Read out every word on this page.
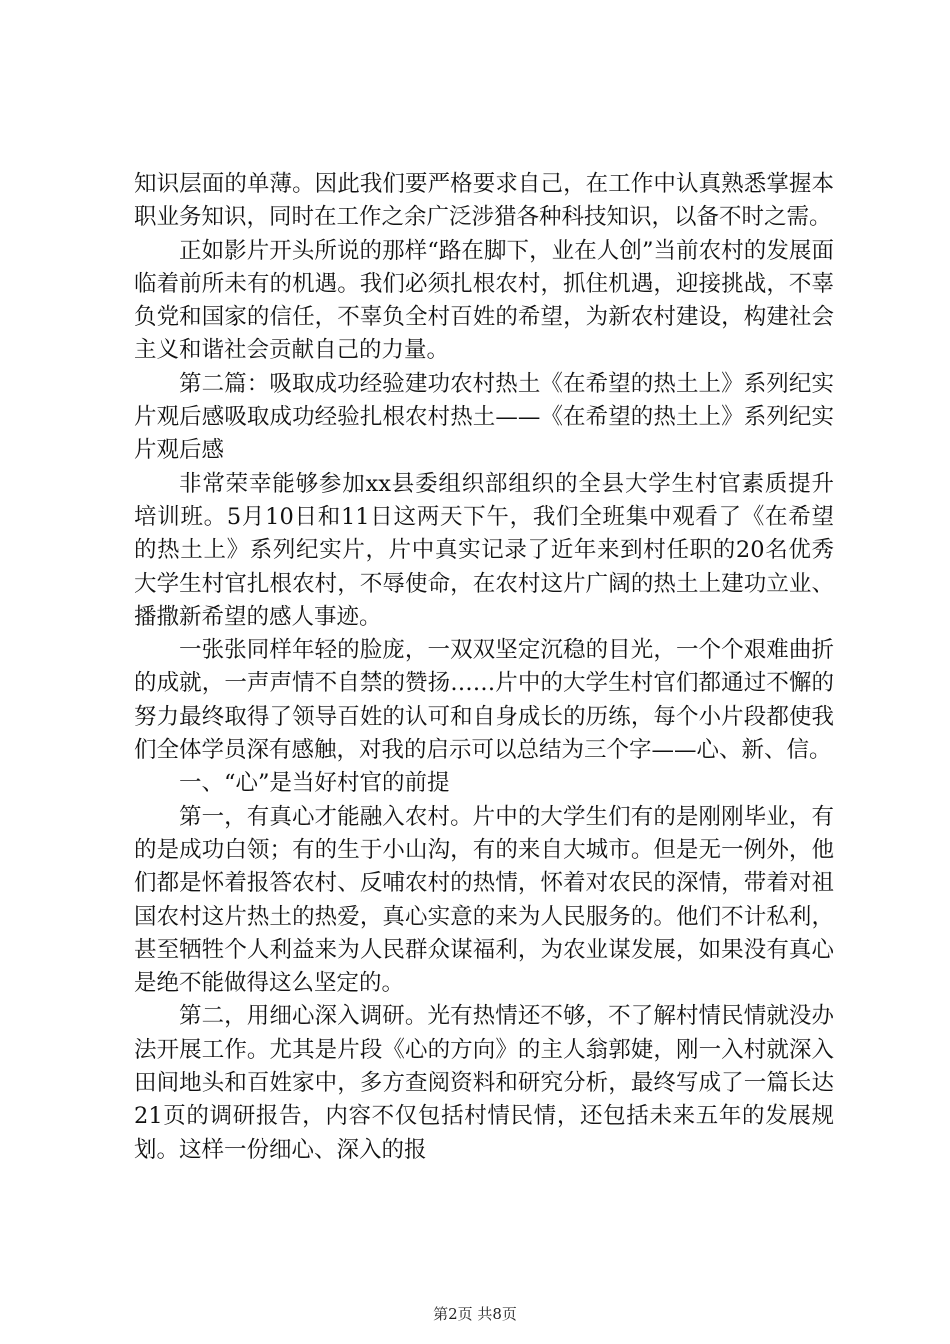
知识层面的单薄。因此我们要严格要求自己，在工作中认真熟悉掌握本职业务知识，同时在工作之余广泛涉猎各种科技知识，以备不时之需。

正如影片开头所说的那样“路在脚下，业在人创”当前农村的发展面临着前所未有的机遇。我们必须扎根农村，抓住机遇，迎接挑战，不辜负党和国家的信任，不辜负全村百姓的希望，为新农村建设，构建社会主义和谐社会贡献自己的力量。

第二篇：吸取成功经验建功农村热土《在希望的热土上》系列纪实片观后感吸取成功经验扎根农村热土——《在希望的热土上》系列纪实片观后感

非常荣幸能够参加xx县委组织部组织的全县大学生村官素质提升培训班。5月10日和11日这两天下午，我们全班集中观看了《在希望的热土上》系列纪实片，片中真实记录了近年来到村任职的20名优秀大学生村官扎根农村，不辱使命，在农村这片广阔的热土上建功立业、播撒新希望的感人事迹。

一张张同样年轻的脸庞，一双双坚定沉稳的目光，一个个艰难曲折的成就，一声声情不自禁的赞扬……片中的大学生村官们都通过不懈的努力最终取得了领导百姓的认可和自身成长的历练，每个小片段都使我们全体学员深有感触，对我的启示可以总结为三个字——心、新、信。

一、“心”是当好村官的前提

第一，有真心才能融入农村。片中的大学生们有的是刚刚毕业，有的是成功白领；有的生于小山沟，有的来自大城市。但是无一例外，他们都是怀着报答农村、反哺农村的热情，怀着对农民的深情，带着对祖国农村这片热土的热爱，真心实意的来为人民服务的。他们不计私利，甚至牺牲个人利益来为人民群众谋福利，为农业谋发展，如果没有真心是绝不能做得这么坚定的。

第二，用细心深入调研。光有热情还不够，不了解村情民情就没办法开展工作。尤其是片段《心的方向》的主人翁郭婕，刚一入村就深入田间地头和百姓家中，多方查阅资料和研究分析，最终写成了一篇长达21页的调研报告，内容不仅包括村情民情，还包括未来五年的发展规划。这样一份细心、深入的报

第2页 共8页
